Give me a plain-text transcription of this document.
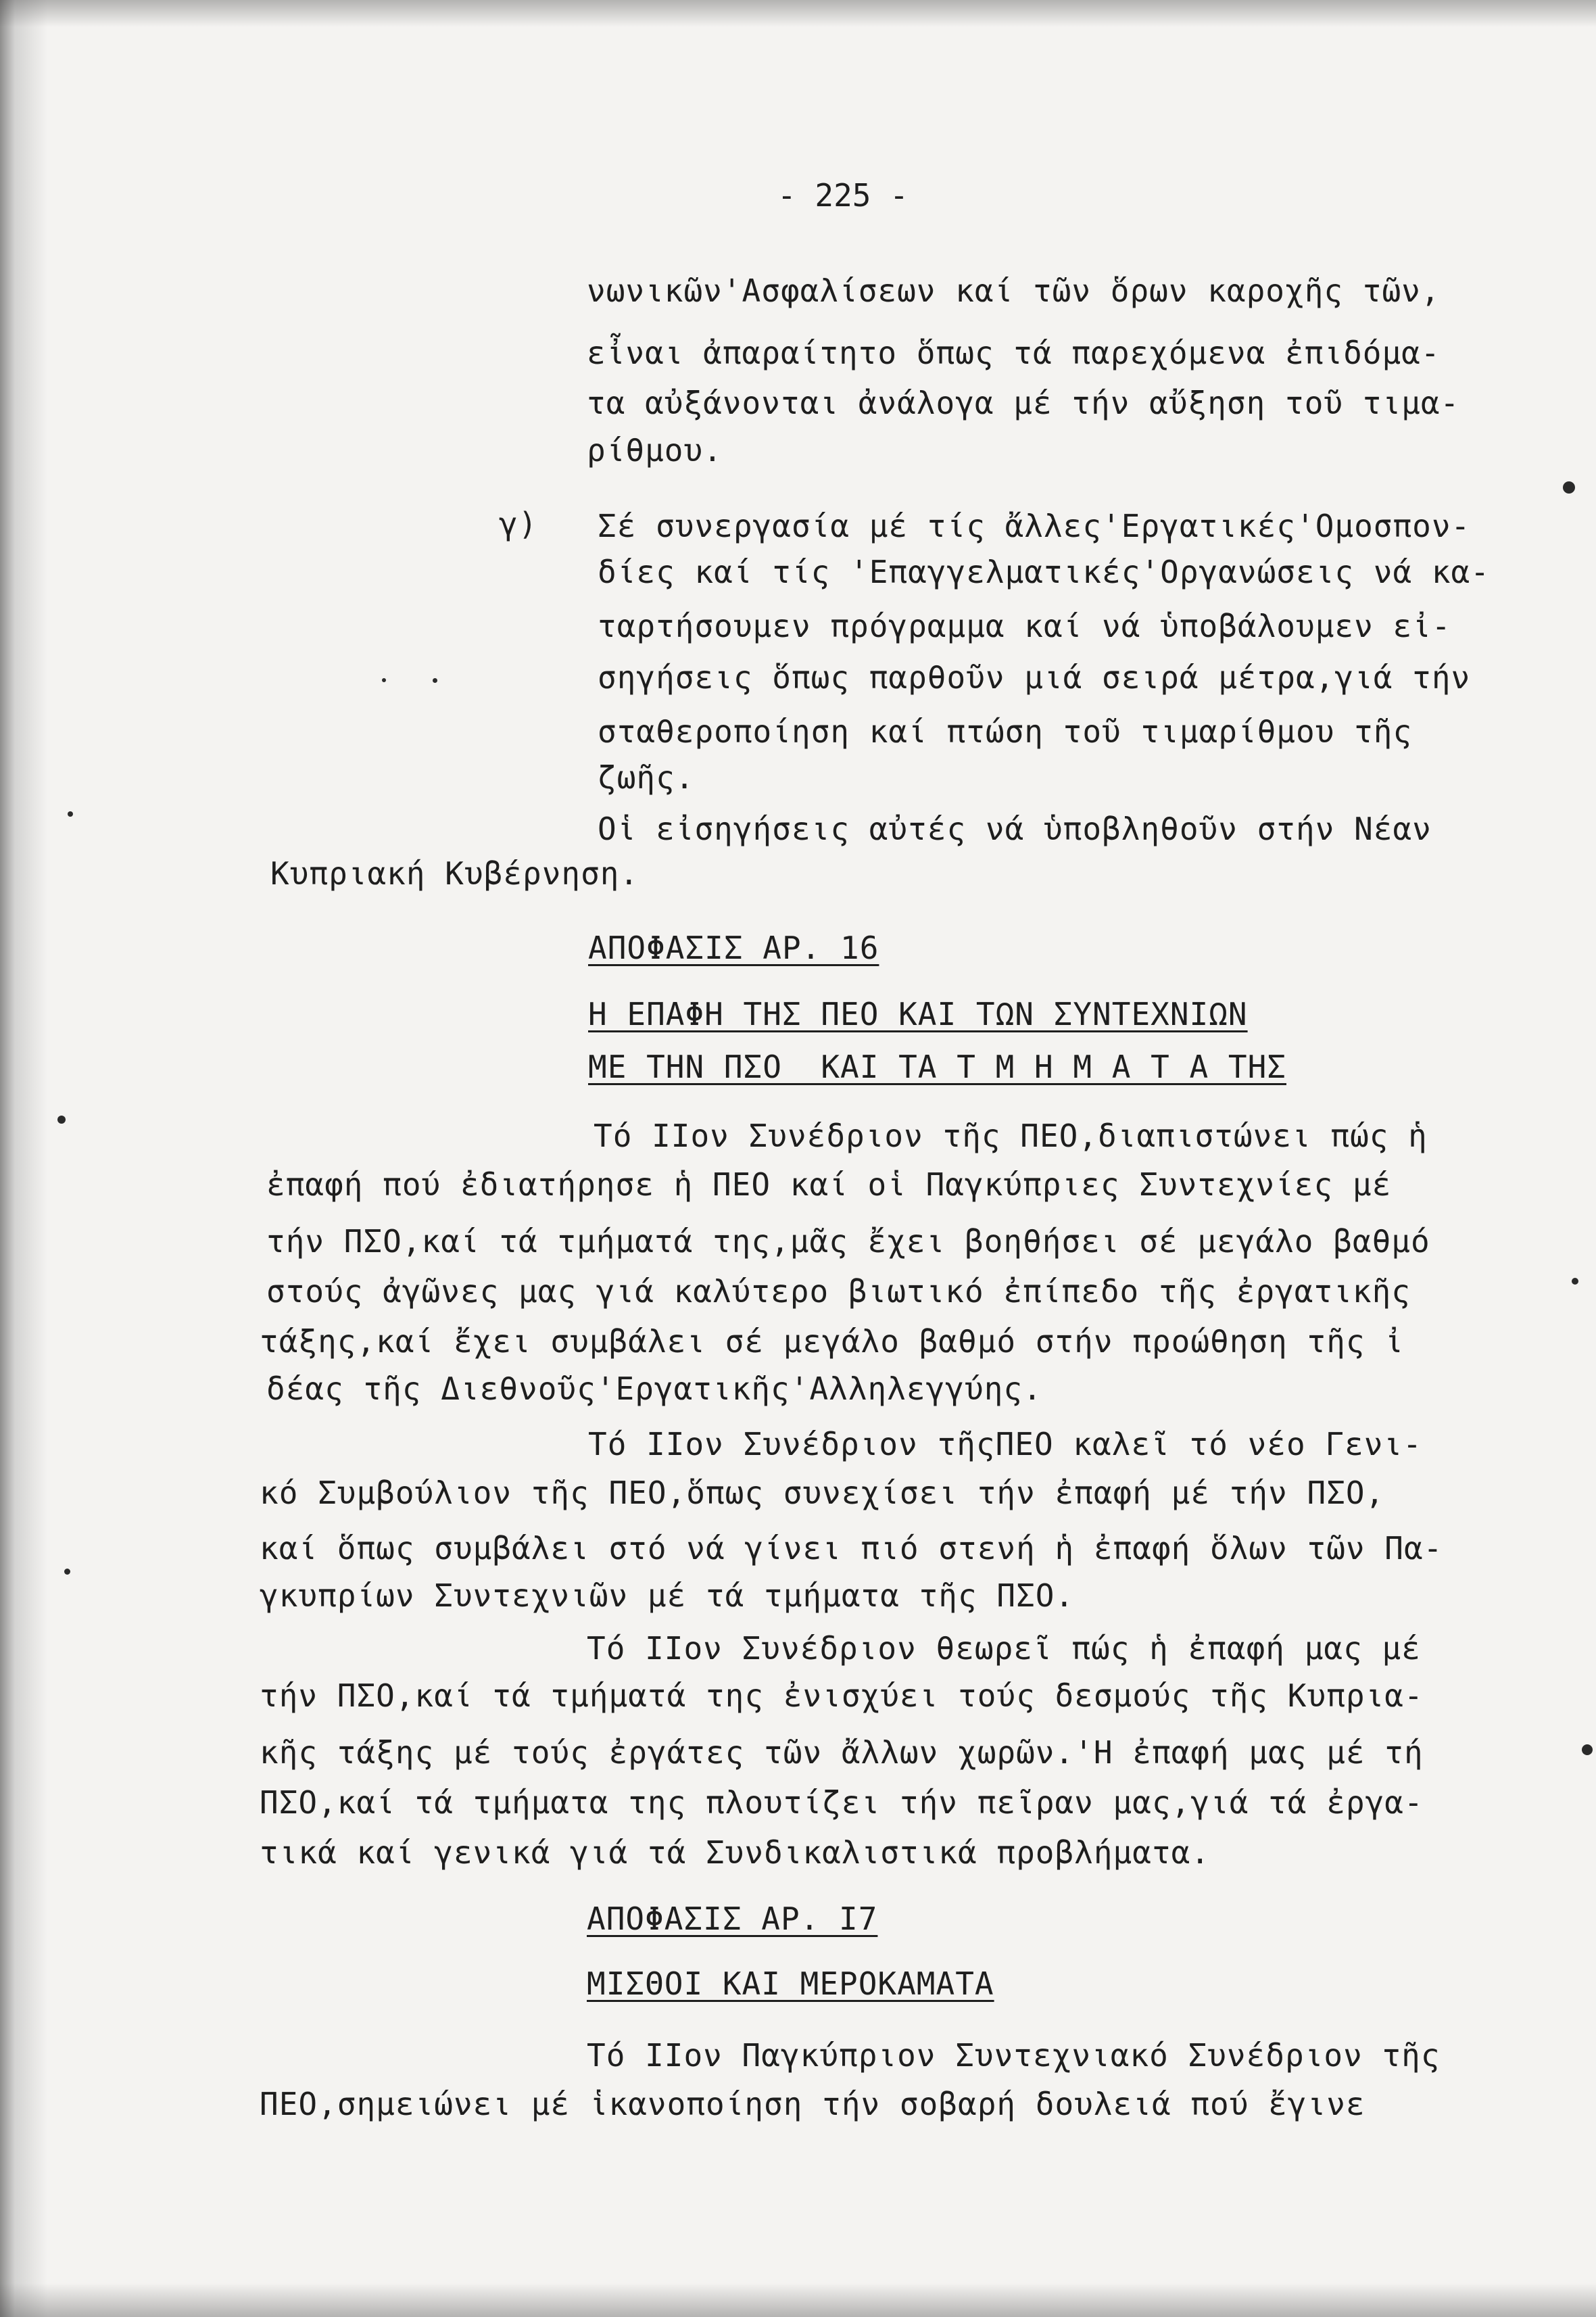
- 225 -
νωνικῶν'Ασφαλίσεων καί τῶν ὅρων καροχῆς τῶν,
εἶναι ἀπαραίτητο ὅπως τά παρεχόμενα ἐπιδόμα-
τα αὐξάνονται ἀνάλογα μέ τήν αὔξηση τοῦ τιμα-
ρίθμου.
γ) Σέ συνεργασία μέ τίς ἄλλες'Εργατικές'Ομοσπον-
δίες καί τίς 'Επαγγελματικές'Οργανώσεις νά κα-
ταρτήσουμεν πρόγραμμα καί νά ὑποβάλουμεν εἰ-
σηγήσεις ὅπως παρθοῦν μιά σειρά μέτρα,γιά τήν
σταθεροποίηση καί πτώση τοῦ τιμαρίθμου τῆς
ζωῆς.
Οἱ εἰσηγήσεις αὐτές νά ὑποβληθοῦν στήν Νέαν
Κυπριακή Κυβέρνηση.
ΑΠΟΦΑΣΙΣ ΑΡ. 16
Η ΕΠΑΦΗ ΤΗΣ ΠΕΟ ΚΑΙ ΤΩΝ ΣΥΝΤΕΧΝΙΩΝ
ΜΕ ΤΗΝ ΠΣΟ  ΚΑΙ ΤΑ Τ Μ Η Μ Α Τ Α ΤΗΣ
Τό ΙΙον Συνέδριον τῆς ΠΕΟ,διαπιστώνει πώς ἡ
ἐπαφή πού ἐδιατήρησε ἡ ΠΕΟ καί οἱ Παγκύπριες Συντεχνίες μέ
τήν ΠΣΟ,καί τά τμήματά της,μᾶς ἔχει βοηθήσει σέ μεγάλο βαθμό
στούς ἀγῶνες μας γιά καλύτερο βιωτικό ἐπίπεδο τῆς ἐργατικῆς
τάξης,καί ἔχει συμβάλει σέ μεγάλο βαθμό στήν προώθηση τῆς ἰ
δέας τῆς Διεθνοῦς'Εργατικῆς'Αλληλεγγύης.
Τό ΙΙον Συνέδριον τῆςΠΕΟ καλεῖ τό νέο Γενι-
κό Συμβούλιον τῆς ΠΕΟ,ὅπως συνεχίσει τήν ἐπαφή μέ τήν ΠΣΟ,
καί ὅπως συμβάλει στό νά γίνει πιό στενή ἡ ἐπαφή ὅλων τῶν Πα-
γκυπρίων Συντεχνιῶν μέ τά τμήματα τῆς ΠΣΟ.
Τό ΙΙον Συνέδριον θεωρεῖ πώς ἡ ἐπαφή μας μέ
τήν ΠΣΟ,καί τά τμήματά της ἐνισχύει τούς δεσμούς τῆς Κυπρια-
κῆς τάξης μέ τούς ἐργάτες τῶν ἄλλων χωρῶν.'Η ἐπαφή μας μέ τή
ΠΣΟ,καί τά τμήματα της πλουτίζει τήν πεῖραν μας,γιά τά ἐργα-
τικά καί γενικά γιά τά Συνδικαλιστικά προβλήματα.
ΑΠΟΦΑΣΙΣ ΑΡ. Ι7
ΜΙΣΘΟΙ ΚΑΙ ΜΕΡΟΚΑΜΑΤΑ
Τό ΙΙον Παγκύπριον Συντεχνιακό Συνέδριον τῆς
ΠΕΟ,σημειώνει μέ ἱκανοποίηση τήν σοβαρή δουλειά πού ἔγινε
